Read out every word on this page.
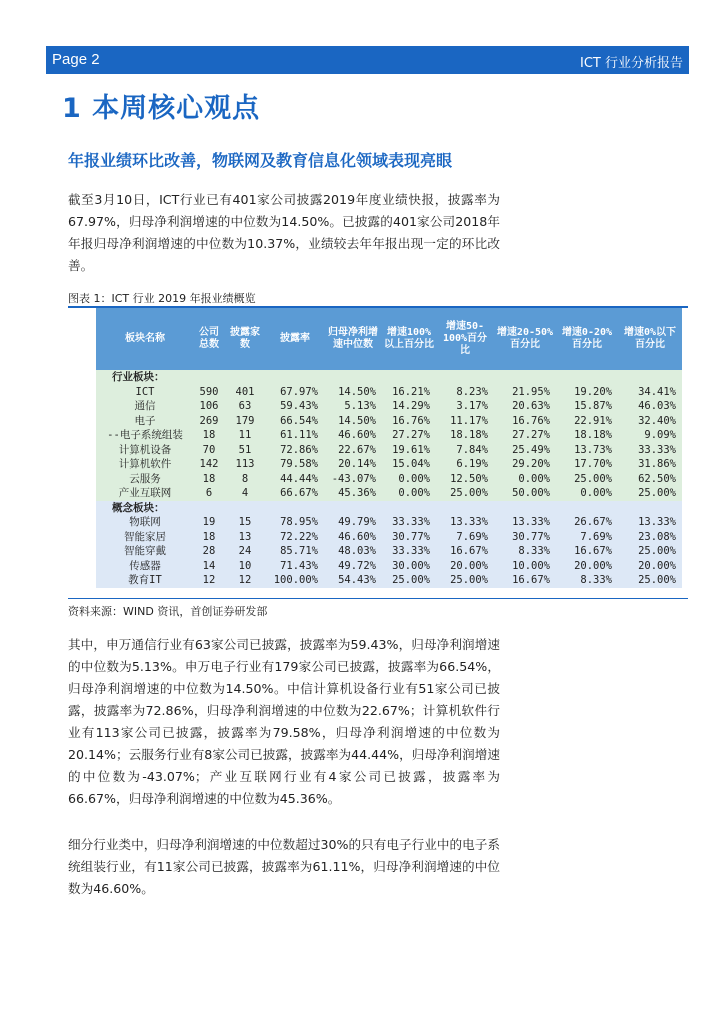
Page 2	ICT 行业分析报告
1 本周核心观点
年报业绩环比改善，物联网及教育信息化领域表现亮眼
截至3月10日，ICT行业已有401家公司披露2019年度业绩快报，披露率为67.97%，归母净利润增速的中位数为14.50%。已披露的401家公司2018年年报归母净利润增速的中位数为10.37%，业绩较去年年报出现一定的环比改善。
图表 1：ICT 行业 2019 年报业绩概览
板块名称	公司总数	披露家数	披露率	归母净利增速中位数	增速100%以上百分比	增速50-100%百分比	增速20-50%百分比	增速0-20%百分比	增速0%以下百分比
行业板块：									
ICT	590	401	67.97%	14.50%	16.21%	8.23%	21.95%	19.20%	34.41%
通信	106	63	59.43%	5.13%	14.29%	3.17%	20.63%	15.87%	46.03%
电子	269	179	66.54%	14.50%	16.76%	11.17%	16.76%	22.91%	32.40%
--电子系统组装	18	11	61.11%	46.60%	27.27%	18.18%	27.27%	18.18%	9.09%
计算机设备	70	51	72.86%	22.67%	19.61%	7.84%	25.49%	13.73%	33.33%
计算机软件	142	113	79.58%	20.14%	15.04%	6.19%	29.20%	17.70%	31.86%
云服务	18	8	44.44%	-43.07%	0.00%	12.50%	0.00%	25.00%	62.50%
产业互联网	6	4	66.67%	45.36%	0.00%	25.00%	50.00%	0.00%	25.00%
概念板块：									
物联网	19	15	78.95%	49.79%	33.33%	13.33%	13.33%	26.67%	13.33%
智能家居	18	13	72.22%	46.60%	30.77%	7.69%	30.77%	7.69%	23.08%
智能穿戴	28	24	85.71%	48.03%	33.33%	16.67%	8.33%	16.67%	25.00%
传感器	14	10	71.43%	49.72%	30.00%	20.00%	10.00%	20.00%	20.00%
教育IT	12	12	100.00%	54.43%	25.00%	25.00%	16.67%	8.33%	25.00%
资料来源：WIND 资讯，首创证券研发部
其中，申万通信行业有63家公司已披露，披露率为59.43%，归母净利润增速的中位数为5.13%。申万电子行业有179家公司已披露，披露率为66.54%，归母净利润增速的中位数为14.50%。中信计算机设备行业有51家公司已披露，披露率为72.86%，归母净利润增速的中位数为22.67%；计算机软件行业有113家公司已披露，披露率为79.58%，归母净利润增速的中位数为20.14%；云服务行业有8家公司已披露，披露率为44.44%，归母净利润增速的中位数为-43.07%；产业互联网行业有4家公司已披露，披露率为66.67%，归母净利润增速的中位数为45.36%。
细分行业类中，归母净利润增速的中位数超过30%的只有电子行业中的电子系统组装行业，有11家公司已披露，披露率为61.11%，归母净利润增速的中位数为46.60%。
